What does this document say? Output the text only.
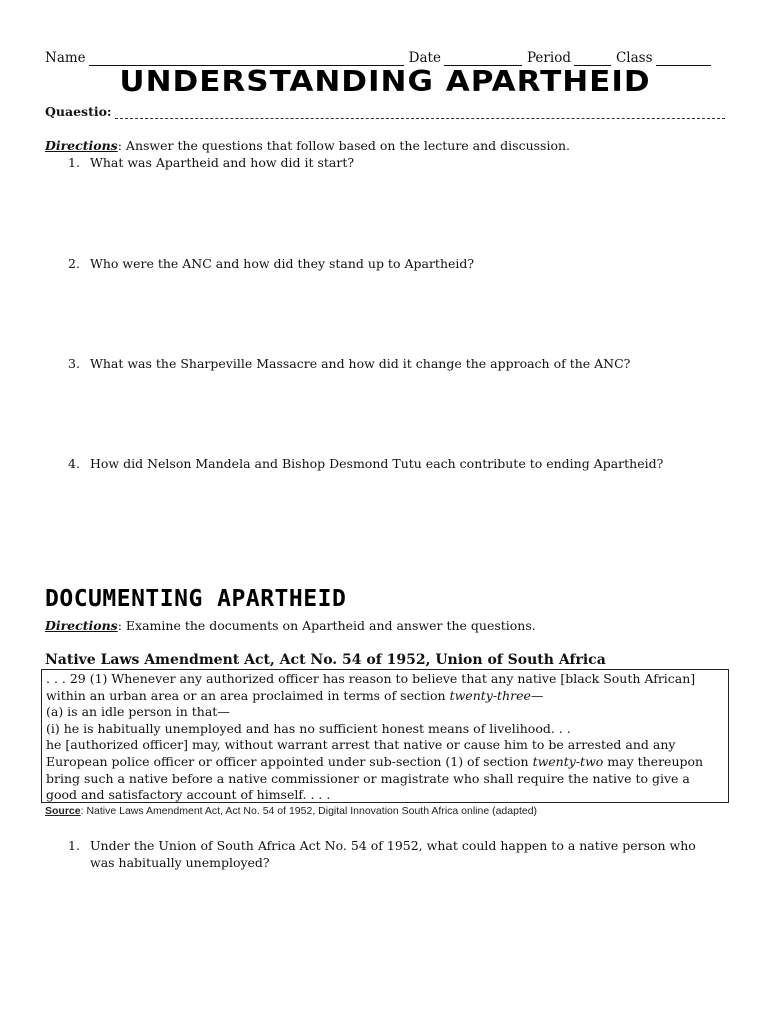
Name	Date	Period	Class
UNDERSTANDING APARTHEID
Quaestio:
Directions: Answer the questions that follow based on the lecture and discussion.
1. What was Apartheid and how did it start?
2. Who were the ANC and how did they stand up to Apartheid?
3. What was the Sharpeville Massacre and how did it change the approach of the ANC?
4. How did Nelson Mandela and Bishop Desmond Tutu each contribute to ending Apartheid?
DOCUMENTING APARTHEID
Directions: Examine the documents on Apartheid and answer the questions.
Native Laws Amendment Act, Act No. 54 of 1952, Union of South Africa

. . . 29 (1) Whenever any authorized officer has reason to believe that any native [black South African] within an urban area or an area proclaimed in terms of section twenty-three—

(a) is an idle person in that—

(i) he is habitually unemployed and has no sufficient honest means of livelihood. . .

he [authorized officer] may, without warrant arrest that native or cause him to be arrested and any European police officer or officer appointed under sub-section (1) of section twenty-two may thereupon bring such a native before a native commissioner or magistrate who shall require the native to give a good and satisfactory account of himself. . . .

Source: Native Laws Amendment Act, Act No. 54 of 1952, Digital Innovation South Africa online (adapted)
1. Under the Union of South Africa Act No. 54 of 1952, what could happen to a native person who was habitually unemployed?
